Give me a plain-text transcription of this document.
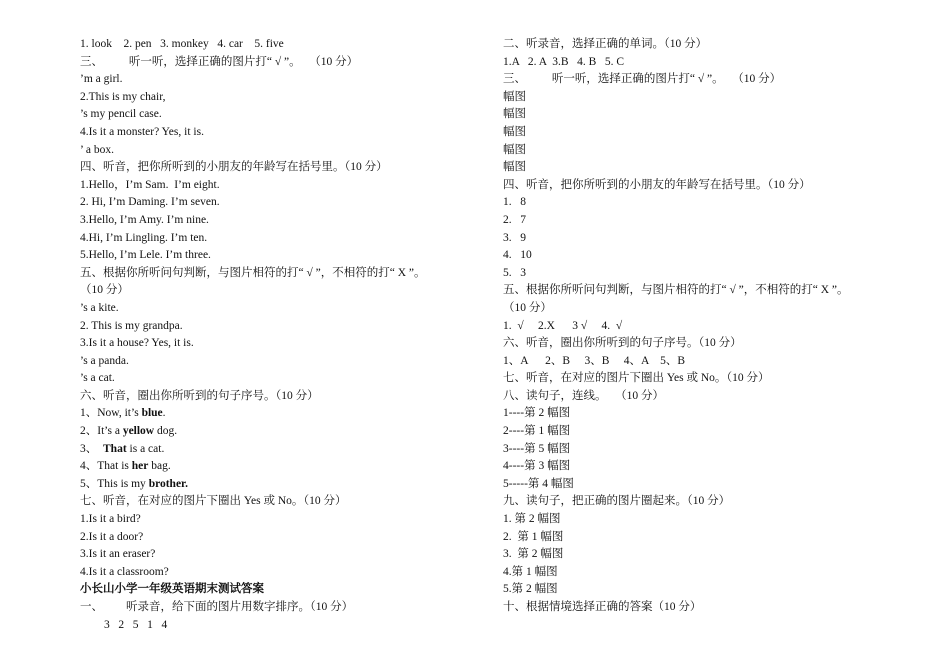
1. look    2. pen   3. monkey   4. car    5. five
三、         听一听，选择正确的图片打“ √ ”。   （10 分）
’m a girl.
2.This is my chair,
’s my pencil case.
4.Is it a monster? Yes, it is.
’ a box.
四、听音，把你所听到的小朋友的年龄写在括号里。（10 分）
1.Hello，I’m Sam.  I’m eight.
2. Hi, I’m Daming. I’m seven.
3.Hello, I’m Amy. I’m nine.
4.Hi, I’m Lingling. I’m ten.
5.Hello, I’m Lele. I’m three.
五、根据你所听问句判断，与图片相符的打“ √ ”，不相符的打“ X ”。
（10 分）
’s a kite.
2. This is my grandpa.
3.Is it a house? Yes, it is.
’s a panda.
’s a cat.
六、听音，圈出你所听到的句子序号。（10 分）
1、Now, it’s blue.
2、It’s a yellow dog.
3、  That is a cat.
4、That is her bag.
5、This is my brother.
七、听音，在对应的图片下圈出 Yes 或 No。（10 分）
1.Is it a bird?
2.Is it a door?
3.Is it an eraser?
4.Is it a classroom?
小长山小学一年级英语期末测试答案
一、        听录音，给下面的图片用数字排序。（10 分）
3   2   5   1   4
二、听录音，选择正确的单词。（10 分）
1.A   2. A  3.B   4. B   5. C
三、         听一听，选择正确的图片打“ √ ”。   （10 分）
幅图
幅图
幅图
幅图
幅图
四、听音，把你所听到的小朋友的年龄写在括号里。（10 分）
1.   8
2.   7
3.   9
4.   10
5.   3
五、根据你所听问句判断，与图片相符的打“ √ ”，不相符的打“ X ”。
（10 分）
1.  √     2.X      3 √     4.  √
六、听音，圈出你所听到的句子序号。（10 分）
1、A      2、B     3、B     4、A    5、B
七、听音，在对应的图片下圈出 Yes 或 No。（10 分）
八、读句子，连线。   （10 分）
1----第 2 幅图
2----第 1 幅图
3----第 5 幅图
4----第 3 幅图
5-----第 4 幅图
九、读句子，把正确的图片圈起来。（10 分）
1. 第 2 幅图
2.  第 1 幅图
3.  第 2 幅图
4.第 1 幅图
5.第 2 幅图
十、根据情境选择正确的答案（10 分）
